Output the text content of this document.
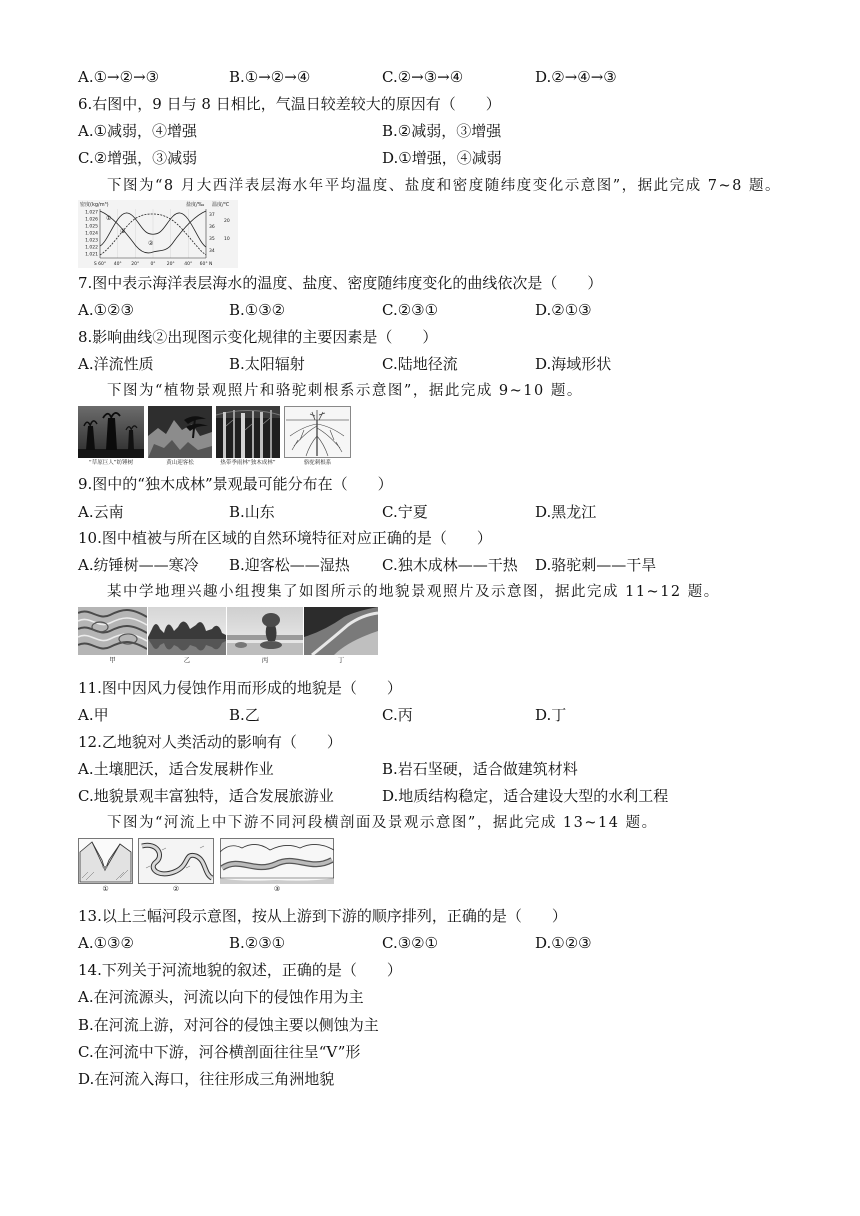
A.①→②→③	B.①→②→④	C.②→③→④	D.②→④→③
6.右图中，9 日与 8 日相比，气温日较差较大的原因有（　　）
A.①减弱，④增强	B.②减弱，③增强
C.②增强，③减弱	D.①增强，④减弱
下图为“8 月大西洋表层海水年平均温度、盐度和密度随纬度变化示意图”，据此完成 7~8 题。
密度(kg/m³)	盐度/‰ 温度/℃
1.027
1.026
1.025
1.024
1.023
1.022
1.021
37
36
35
34
20
10
S 60° 40° 20° 0° 20° 40° 60° N
①
②
③
7.图中表示海洋表层海水的温度、盐度、密度随纬度变化的曲线依次是（　　）
A.①②③	B.①③②	C.②③①	D.②①③
8.影响曲线②出现图示变化规律的主要因素是（　　）
A.洋流性质	B.太阳辐射	C.陆地径流	D.海域形状
下图为“植物景观照片和骆驼刺根系示意图”，据此完成 9~10 题。
“草原巨人”纺锤树	黄山迎客松	热带季雨林“独木成林”	骆驼刺根系
9.图中的“独木成林”景观最可能分布在（　　）
A.云南	B.山东	C.宁夏	D.黑龙江
10.图中植被与所在区域的自然环境特征对应正确的是（　　）
A.纺锤树——寒冷 B.迎客松——湿热 C.独木成林——干热 D.骆驼刺——干旱
某中学地理兴趣小组搜集了如图所示的地貌景观照片及示意图，据此完成 11~12 题。
甲	乙	丙	丁
11.图中因风力侵蚀作用而形成的地貌是（　　）
A.甲	B.乙	C.丙	D.丁
12.乙地貌对人类活动的影响有（　　）
A.土壤肥沃，适合发展耕作业	B.岩石坚硬，适合做建筑材料
C.地貌景观丰富独特，适合发展旅游业	D.地质结构稳定，适合建设大型的水利工程
下图为“河流上中下游不同河段横剖面及景观示意图”，据此完成 13~14 题。
①	②	③
13.以上三幅河段示意图，按从上游到下游的顺序排列，正确的是（　　）
A.①③②	B.②③①	C.③②①	D.①②③
14.下列关于河流地貌的叙述，正确的是（　　）
A.在河流源头，河流以向下的侵蚀作用为主
B.在河流上游，对河谷的侵蚀主要以侧蚀为主
C.在河流中下游，河谷横剖面往往呈“V”形
D.在河流入海口，往往形成三角洲地貌
